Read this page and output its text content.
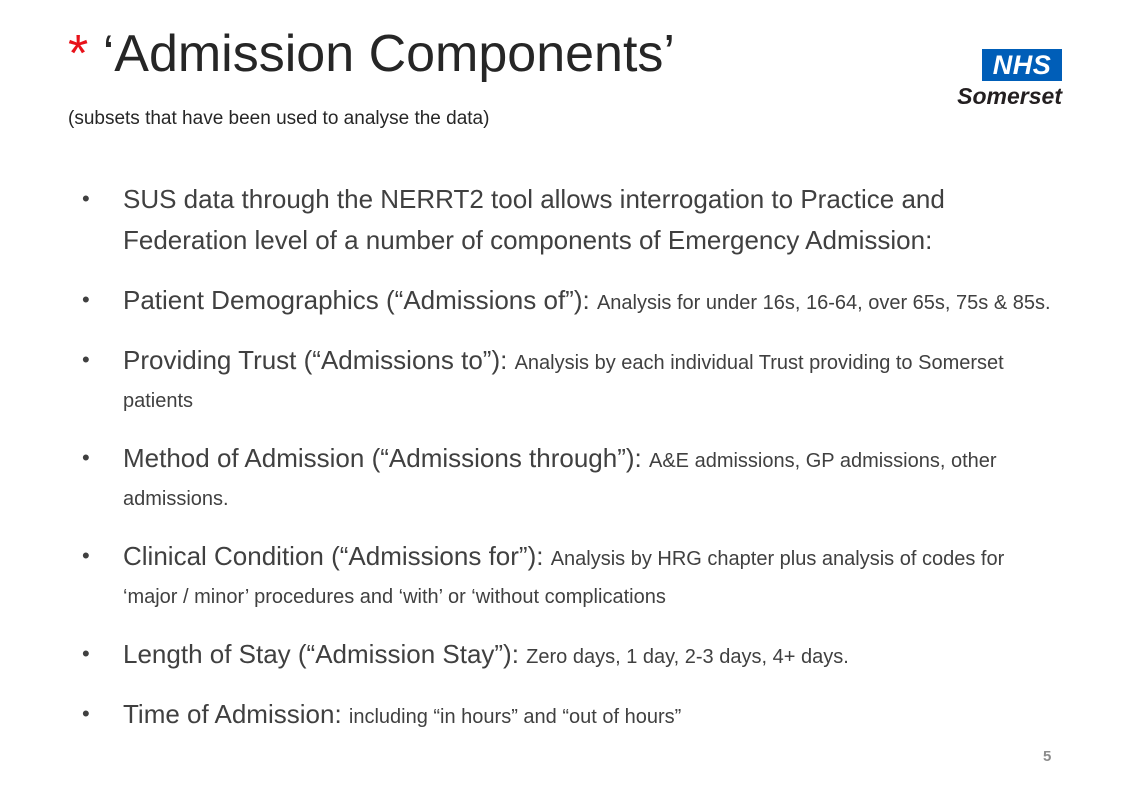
* ‘Admission Components’
(subsets that have been used to analyse the data)
NHS
Somerset
• SUS data through the NERRT2 tool allows interrogation to Practice and Federation level of a number of components of Emergency Admission:
• Patient Demographics (“Admissions of”): Analysis for under 16s, 16-64, over 65s, 75s & 85s.
• Providing Trust (“Admissions to”): Analysis by each individual Trust providing to Somerset patients
• Method of Admission (“Admissions through”): A&E admissions, GP admissions, other admissions.
• Clinical Condition (“Admissions for”): Analysis by HRG chapter plus analysis of codes for ‘major / minor’ procedures and ‘with’ or ‘without complications
• Length of Stay (“Admission Stay”): Zero days, 1 day, 2-3 days, 4+ days.
• Time of Admission: including “in hours” and “out of hours”
5
